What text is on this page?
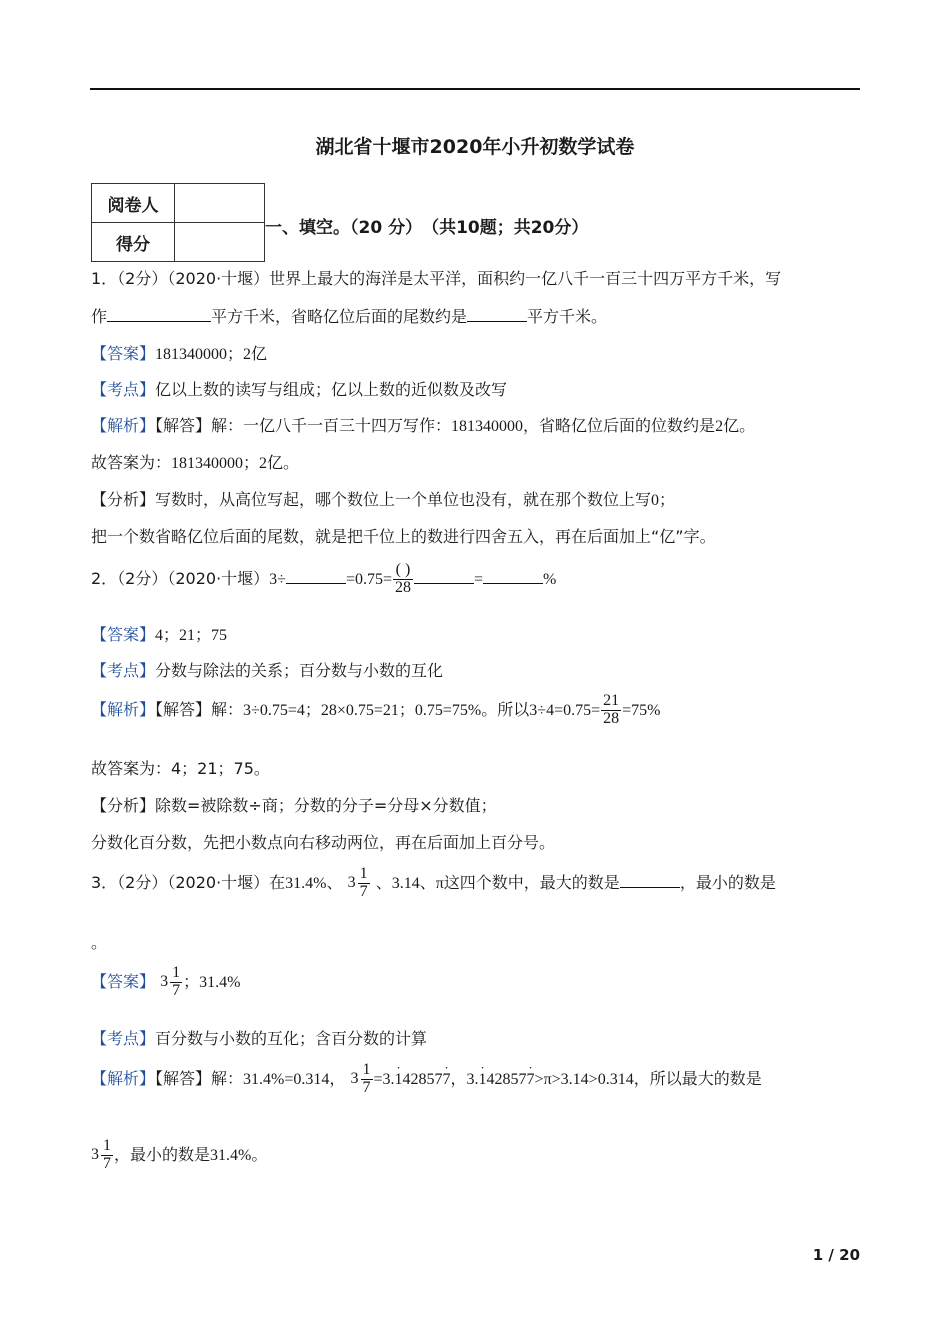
湖北省十堰市2020年小升初数学试卷
阅卷人	
得分	
一、填空。（20 分）　（共10题；共20分）
1．（2分）（2020·十堰）世界上最大的海洋是太平洋，面积约一亿八千一百三十四万平方千米，写
作	平方千米，省略亿位后面的尾数约是	平方千米。
【答案】181340000；2亿
【考点】亿以上数的读写与组成；亿以上数的近似数及改写
【解析】【解答】解：一亿八千一百三十四万写作：181340000，省略亿位后面的位数约是2亿。
故答案为：181340000；2亿。
【分析】写数时，从高位写起，哪个数位上一个单位也没有，就在那个数位上写0；
把一个数省略亿位后面的尾数，就是把千位上的数进行四舍五入，再在后面加上“亿”字。
2．（2分）（2020·十堰）3÷	$=0.75= \frac{( )}{28}$	=	%
【答案】4；21；75
【考点】分数与除法的关系；百分数与小数的互化
【解析】【解答】解：3÷0.75=4；28×0.75=21；0.75=75%。所以$3\div 4=0.75= \frac{21}{28} =75\%$
故答案为：4；21；75。
【分析】除数=被除数÷商；分数的分子=分母×分数值；
分数化百分数，先把小数点向右移动两位，再在后面加上百分号。
3．（2分）（2020·十堰）在31.4%、 $3 \frac{1}{7}$ 、3.14、π这四个数中，最大的数是	，最小的数是
。
【答案】 $3 \frac{1}{7}$ ；31.4%
【考点】百分数与小数的互化；含百分数的计算
【解析】【解答】解：31.4%=0.314， $3 \frac{1}{7} =3.\cdot 142857\cdot 7$，3.· 142857· 7>π>3.14>0.314，所以最大的数是
$3 \frac{1}{7}$ ，最小的数是31.4%。
1 / 20
